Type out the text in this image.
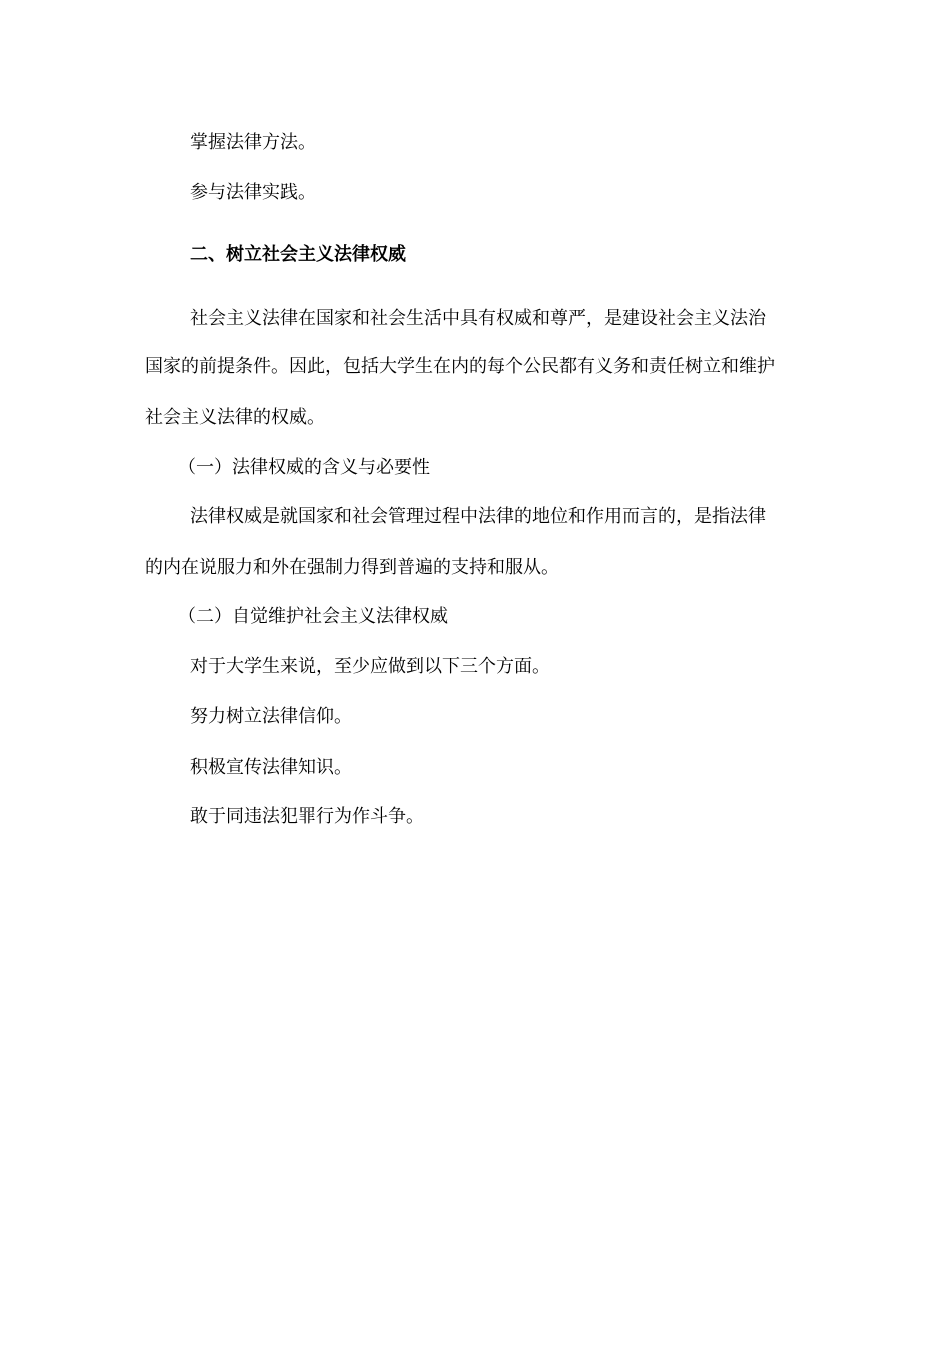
掌握法律方法。
参与法律实践。
二、树立社会主义法律权威
社会主义法律在国家和社会生活中具有权威和尊严，是建设社会主义法治
国家的前提条件。因此，包括大学生在内的每个公民都有义务和责任树立和维护
社会主义法律的权威。
（一）法律权威的含义与必要性
法律权威是就国家和社会管理过程中法律的地位和作用而言的，是指法律
的内在说服力和外在强制力得到普遍的支持和服从。
（二）自觉维护社会主义法律权威
对于大学生来说，至少应做到以下三个方面。
努力树立法律信仰。
积极宣传法律知识。
敢于同违法犯罪行为作斗争。
